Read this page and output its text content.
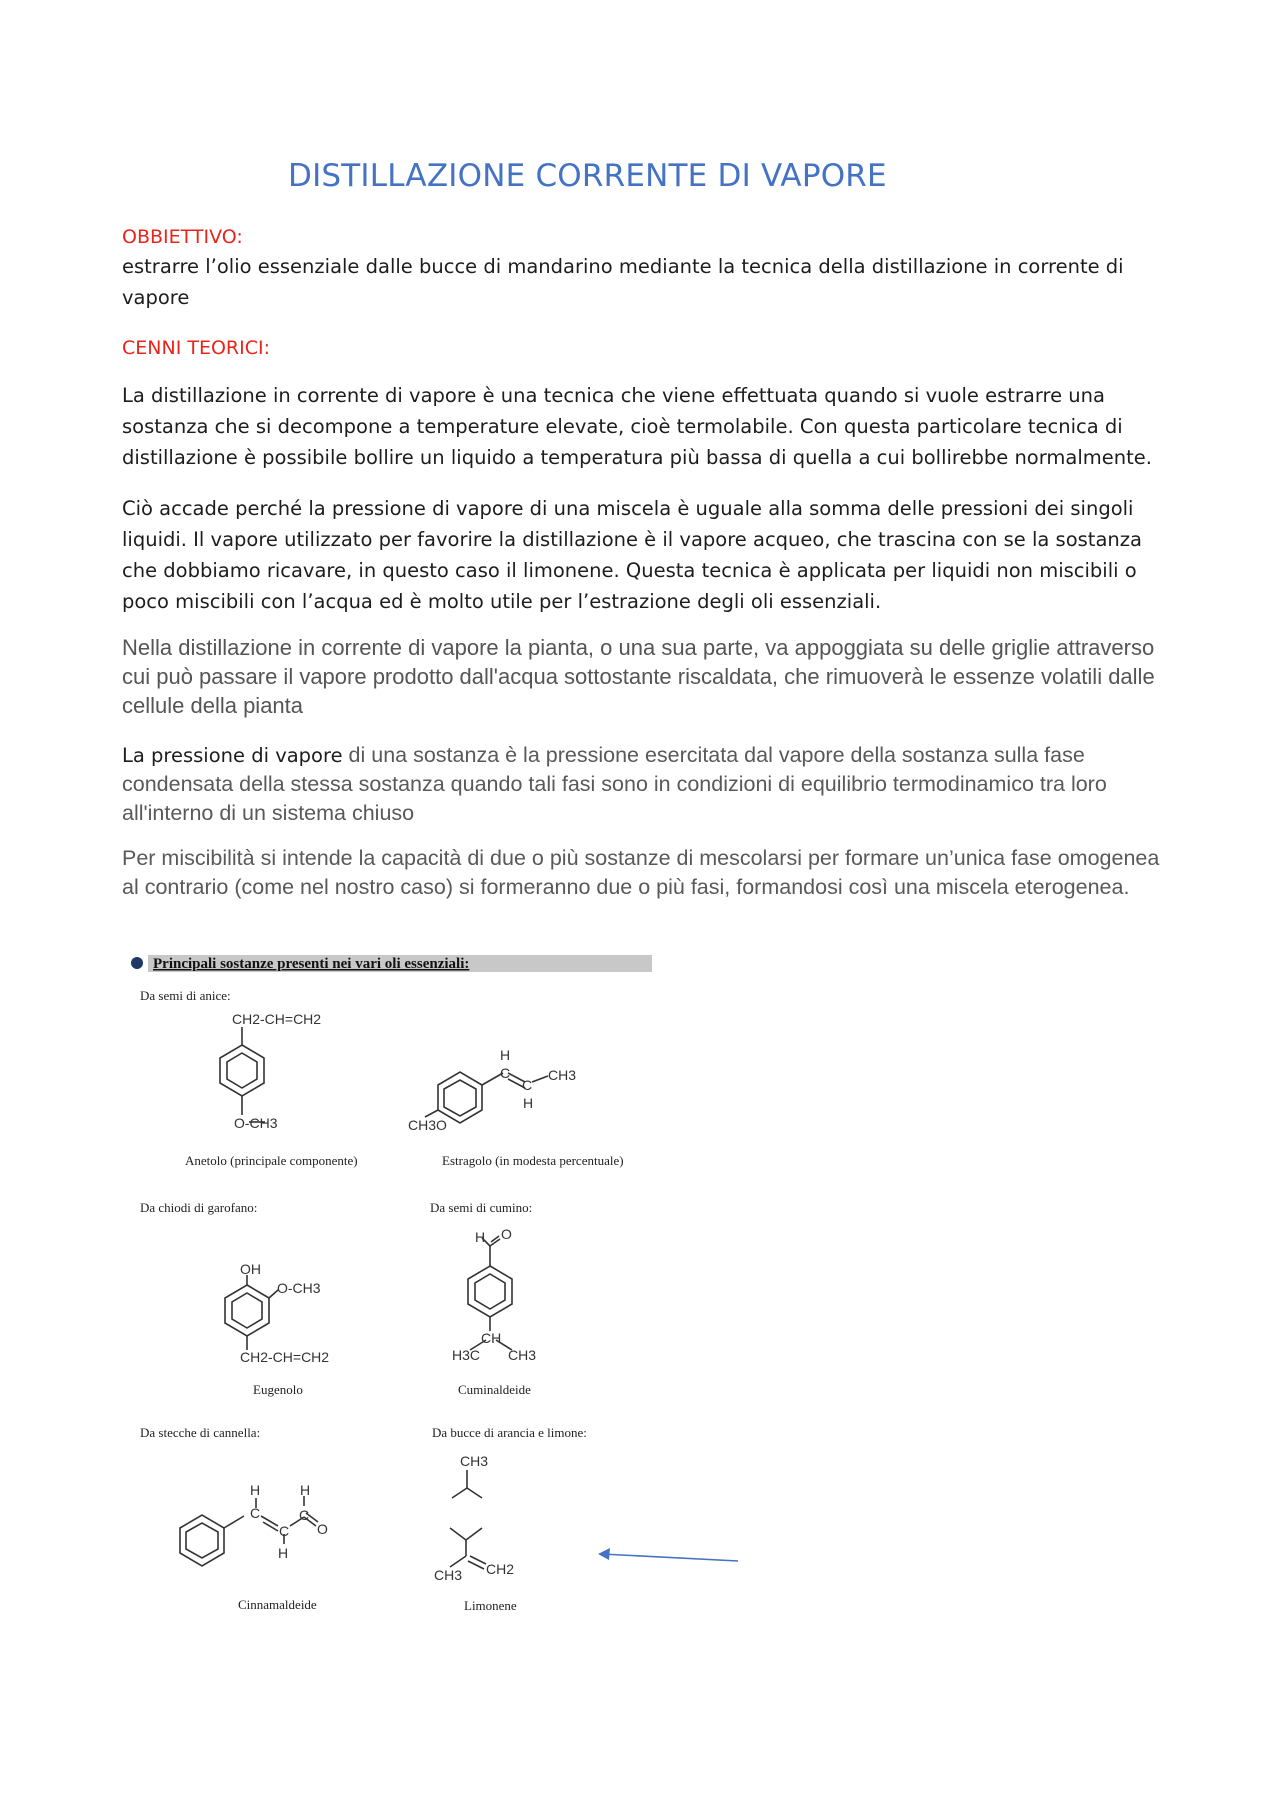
DISTILLAZIONE CORRENTE DI VAPORE
OBBIETTIVO:

estrarre l’olio essenziale dalle bucce di mandarino mediante la tecnica della distillazione in corrente di vapore

CENNI TEORICI:

La distillazione in corrente di vapore è una tecnica che viene effettuata quando si vuole estrarre una sostanza che si decompone a temperature elevate, cioè termolabile. Con questa particolare tecnica di distillazione è possibile bollire un liquido a temperatura più bassa di quella a cui bollirebbe normalmente.

Ciò accade perché la pressione di vapore di una miscela è uguale alla somma delle pressioni dei singoli liquidi. Il vapore utilizzato per favorire la distillazione è il vapore acqueo, che trascina con se la sostanza che dobbiamo ricavare, in questo caso il limonene. Questa tecnica è applicata per liquidi non miscibili o poco miscibili con l’acqua ed è molto utile per l’estrazione degli oli essenziali.

Nella distillazione in corrente di vapore la pianta, o una sua parte, va appoggiata su delle griglie attraverso cui può passare il vapore prodotto dall'acqua sottostante riscaldata, che rimuoverà le essenze volatili dalle cellule della pianta

La pressione di vapore di una sostanza è la pressione esercitata dal vapore della sostanza sulla fase condensata della stessa sostanza quando tali fasi sono in condizioni di equilibrio termodinamico tra loro all'interno di un sistema chiuso

Per miscibilità si intende la capacità di due o più sostanze di mescolarsi per formare un’unica fase omogenea al contrario (come nel nostro caso) si formeranno due o più fasi, formandosi così una miscela eterogenea.

Principali sostanze presenti nei vari oli essenziali:
Da semi di anice:
CH2-CH=CH2
O-CH3
Anetolo (principale componente)
CH3O
H
C
C
CH3
H
Estragolo (in modesta percentuale)
Da chiodi di garofano:	Da semi di cumino:
OH
O-CH3
CH2-CH=CH2
Eugenolo
H O
CH
H3C CH3
Cuminaldeide
Da stecche di cannella:	Da bucce di arancia e limone:
H	H
C
C
H
C
O
Cinnamaldeide
CH3
CH3 CH2
Limonene
